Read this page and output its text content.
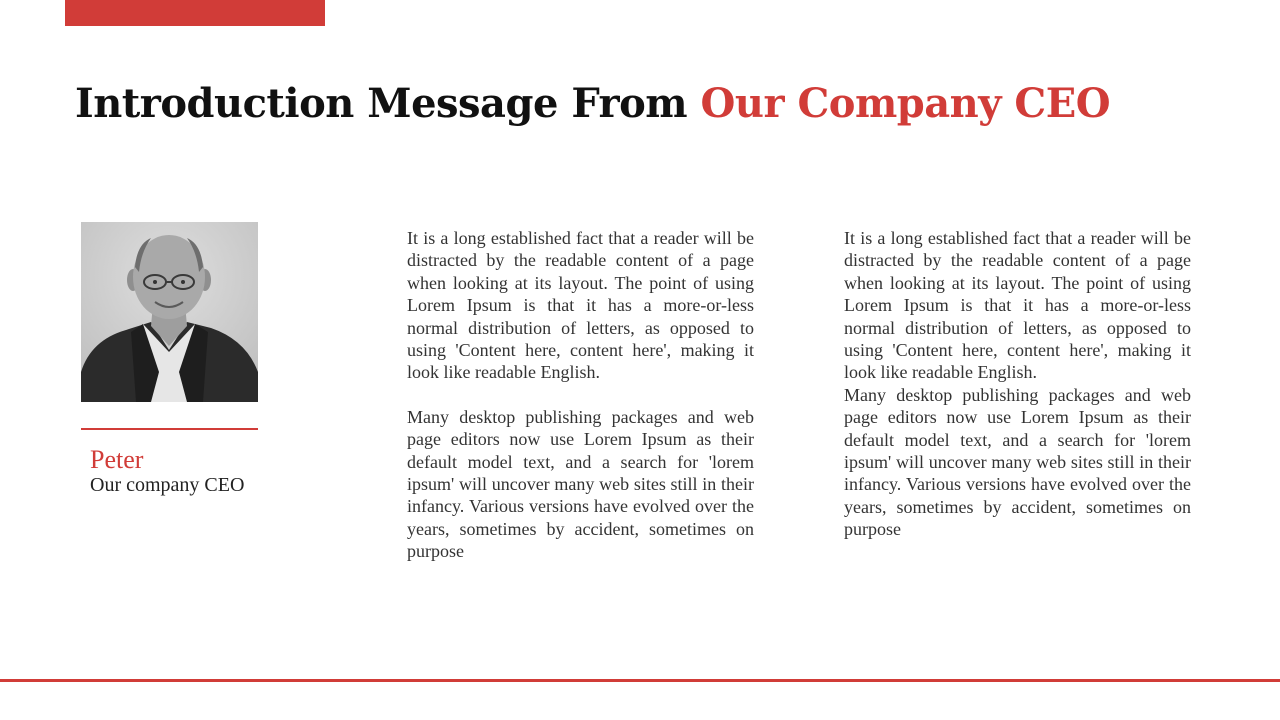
Introduction Message From Our Company CEO
Peter
Our company CEO

It is a long established fact that a reader will be distracted by the readable content of a page when looking at its layout. The point of using Lorem Ipsum is that it has a more-or-less normal distribution of letters, as opposed to using 'Content here, content here', making it look like readable English.

Many desktop publishing packages and web page editors now use Lorem Ipsum as their default model text, and a search for 'lorem ipsum' will uncover many web sites still in their infancy. Various versions have evolved over the years, sometimes by accident, sometimes on purpose

It is a long established fact that a reader will be distracted by the readable content of a page when looking at its layout. The point of using Lorem Ipsum is that it has a more-or-less normal distribution of letters, as opposed to using 'Content here, content here', making it look like readable English.

Many desktop publishing packages and web page editors now use Lorem Ipsum as their default model text, and a search for 'lorem ipsum' will uncover many web sites still in their infancy. Various versions have evolved over the years, sometimes by accident, sometimes on purpose
